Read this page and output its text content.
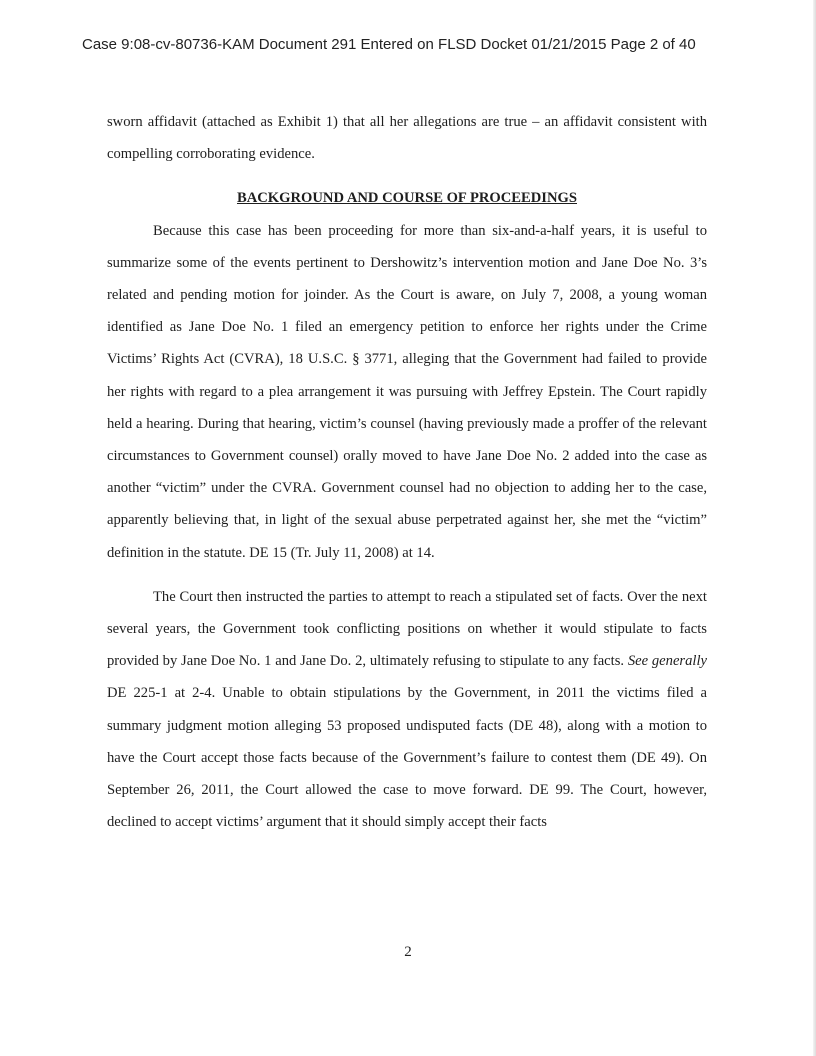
Case 9:08-cv-80736-KAM Document 291 Entered on FLSD Docket 01/21/2015 Page 2 of 40

sworn affidavit (attached as Exhibit 1) that all her allegations are true – an affidavit consistent with compelling corroborating evidence.

BACKGROUND AND COURSE OF PROCEEDINGS

Because this case has been proceeding for more than six-and-a-half years, it is useful to summarize some of the events pertinent to Dershowitz’s intervention motion and Jane Doe No. 3’s related and pending motion for joinder. As the Court is aware, on July 7, 2008, a young woman identified as Jane Doe No. 1 filed an emergency petition to enforce her rights under the Crime Victims’ Rights Act (CVRA), 18 U.S.C. § 3771, alleging that the Government had failed to provide her rights with regard to a plea arrangement it was pursuing with Jeffrey Epstein. The Court rapidly held a hearing. During that hearing, victim’s counsel (having previously made a proffer of the relevant circumstances to Government counsel) orally moved to have Jane Doe No. 2 added into the case as another “victim” under the CVRA. Government counsel had no objection to adding her to the case, apparently believing that, in light of the sexual abuse perpetrated against her, she met the “victim” definition in the statute. DE 15 (Tr. July 11, 2008) at 14.

The Court then instructed the parties to attempt to reach a stipulated set of facts. Over the next several years, the Government took conflicting positions on whether it would stipulate to facts provided by Jane Doe No. 1 and Jane Do. 2, ultimately refusing to stipulate to any facts. See generally DE 225-1 at 2-4. Unable to obtain stipulations by the Government, in 2011 the victims filed a summary judgment motion alleging 53 proposed undisputed facts (DE 48), along with a motion to have the Court accept those facts because of the Government’s failure to contest them (DE 49). On September 26, 2011, the Court allowed the case to move forward. DE 99. The Court, however, declined to accept victims’ argument that it should simply accept their facts

2
